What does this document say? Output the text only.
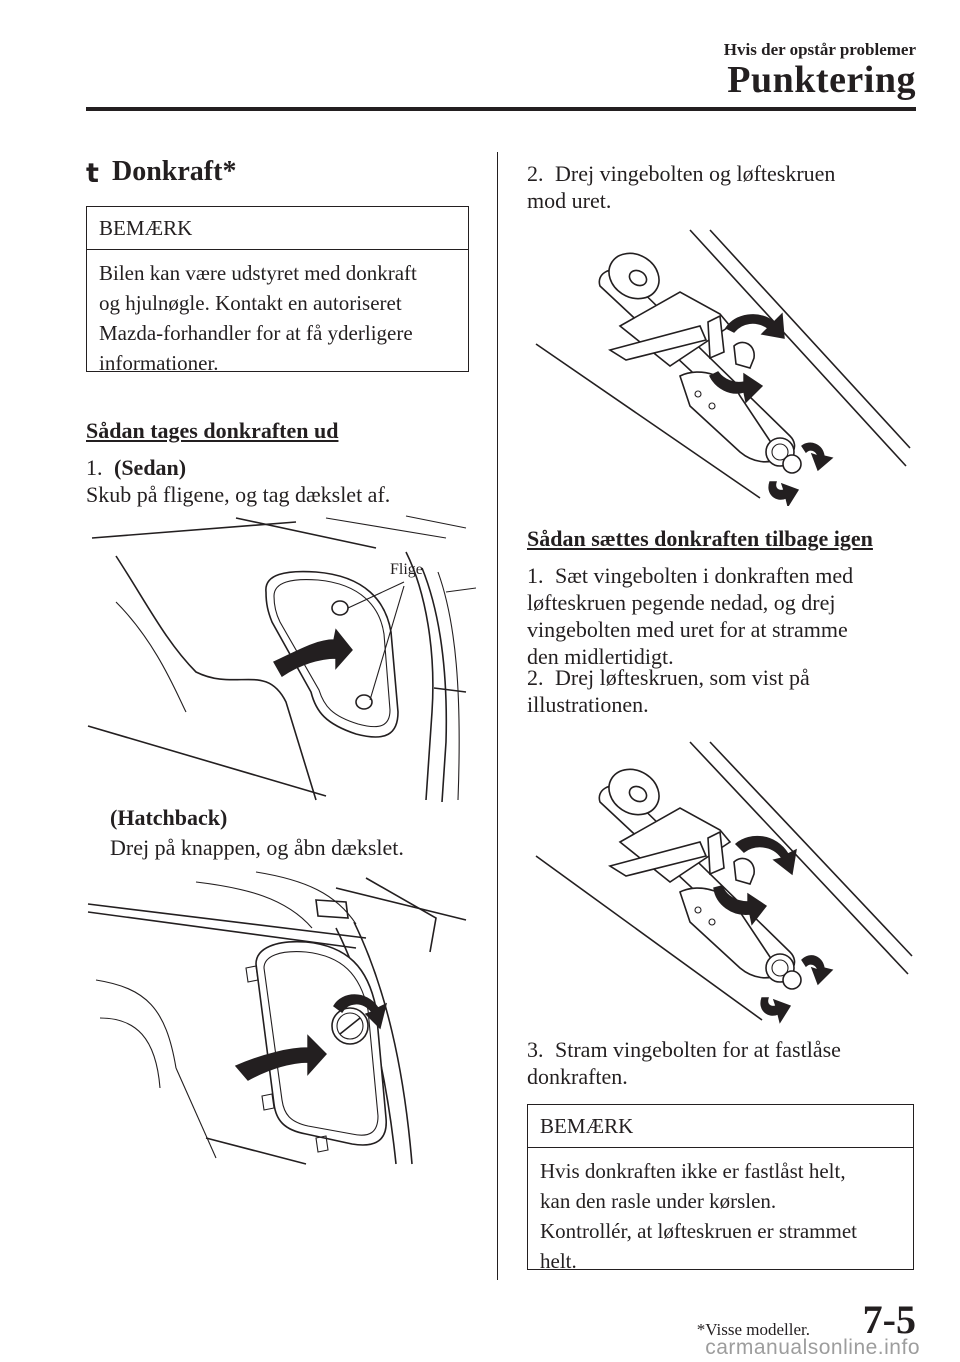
Hvis der opstår problemer
Punktering
t Donkraft*
BEMÆRK
Bilen kan være udstyret med donkraft
og hjulnøgle. Kontakt en autoriseret
Mazda-forhandler for at få yderligere
informationer.
Sådan tages donkraften ud
1. (Sedan)
Skub på fligene, og tag dækslet af.
Flige
(Hatchback)
Drej på knappen, og åbn dækslet.
2. Drej vingebolten og løfteskruen
mod uret.
Sådan sættes donkraften tilbage igen
1. Sæt vingebolten i donkraften med
løfteskruen pegende nedad, og drej
vingebolten med uret for at stramme
den midlertidigt.
2. Drej løfteskruen, som vist på
illustrationen.
3. Stram vingebolten for at fastlåse
donkraften.
BEMÆRK
Hvis donkraften ikke er fastlåst helt,
kan den rasle under kørslen.
Kontrollér, at løfteskruen er strammet
helt.
*Visse modeller. 7-5
carmanualsonline.info
